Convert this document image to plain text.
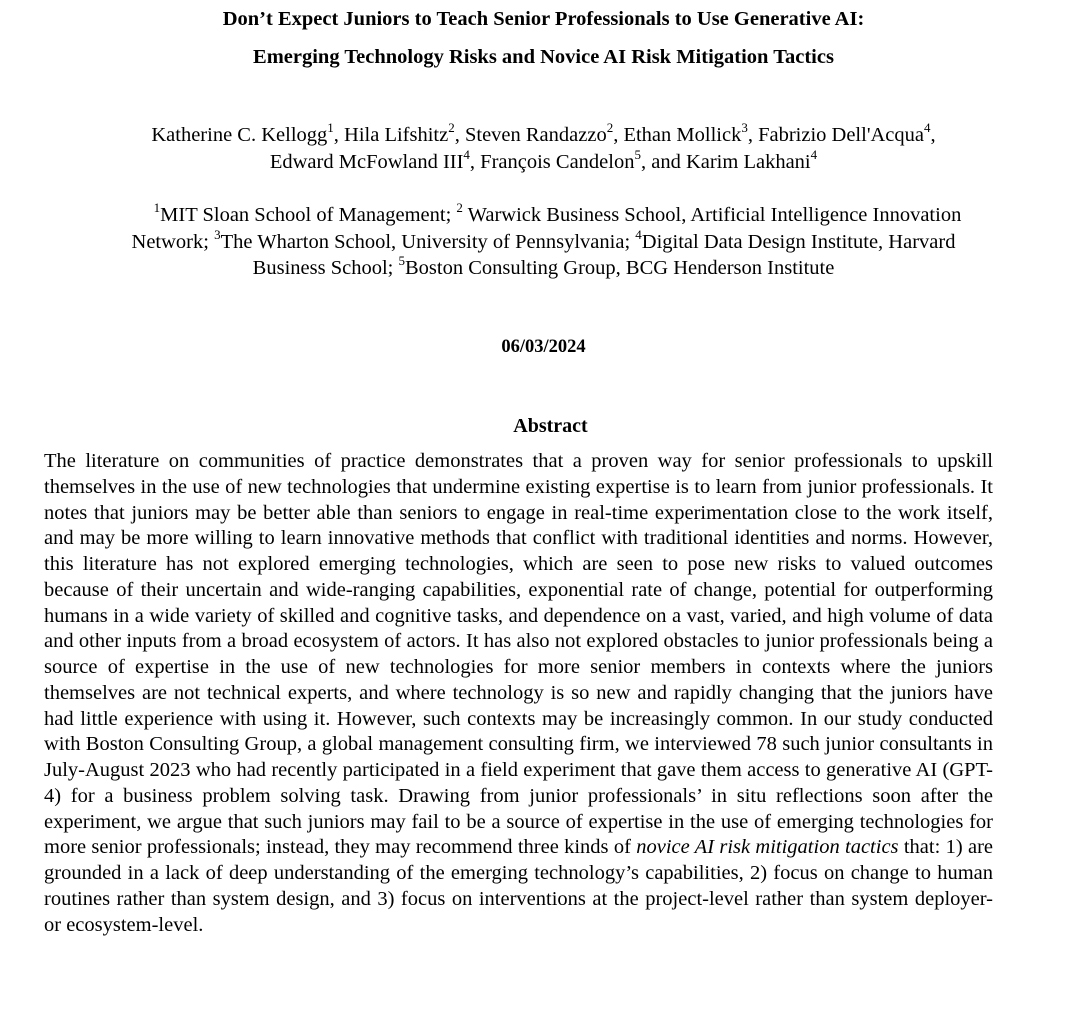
Don’t Expect Juniors to Teach Senior Professionals to Use Generative AI:
Emerging Technology Risks and Novice AI Risk Mitigation Tactics
Katherine C. Kellogg$^1$, Hila Lifshitz$^2$, Steven Randazzo$^2$, Ethan Mollick$^3$, Fabrizio Dell'Acqua$^4$,
Edward McFowland III$^4$, François Candelon$^5$, and Karim Lakhani$^4$
$^1$MIT Sloan School of Management; $^2$ Warwick Business School, Artificial Intelligence Innovation
Network; $^3$The Wharton School, University of Pennsylvania; $^4$Digital Data Design Institute, Harvard
Business School; $^5$Boston Consulting Group, BCG Henderson Institute
06/03/2024
Abstract

The literature on communities of practice demonstrates that a proven way for senior professionals to upskill themselves in the use of new technologies that undermine existing expertise is to learn from junior professionals. It notes that juniors may be better able than seniors to engage in real-time experimentation close to the work itself, and may be more willing to learn innovative methods that conflict with traditional identities and norms. However, this literature has not explored emerging technologies, which are seen to pose new risks to valued outcomes because of their uncertain and wide-ranging capabilities, exponential rate of change, potential for outperforming humans in a wide variety of skilled and cognitive tasks, and dependence on a vast, varied, and high volume of data and other inputs from a broad ecosystem of actors. It has also not explored obstacles to junior professionals being a source of expertise in the use of new technologies for more senior members in contexts where the juniors themselves are not technical experts, and where technology is so new and rapidly changing that the juniors have had little experience with using it. However, such contexts may be increasingly common. In our study conducted with Boston Consulting Group, a global management consulting firm, we interviewed 78 such junior consultants in July-August 2023 who had recently participated in a field experiment that gave them access to generative AI (GPT-4) for a business problem solving task. Drawing from junior professionals’ in situ reflections soon after the experiment, we argue that such juniors may fail to be a source of expertise in the use of emerging technologies for more senior professionals; instead, they may recommend three kinds of novice AI risk mitigation tactics that: 1) are grounded in a lack of deep understanding of the emerging technology’s capabilities, 2) focus on change to human routines rather than system design, and 3) focus on interventions at the project-level rather than system deployer- or ecosystem-level.
